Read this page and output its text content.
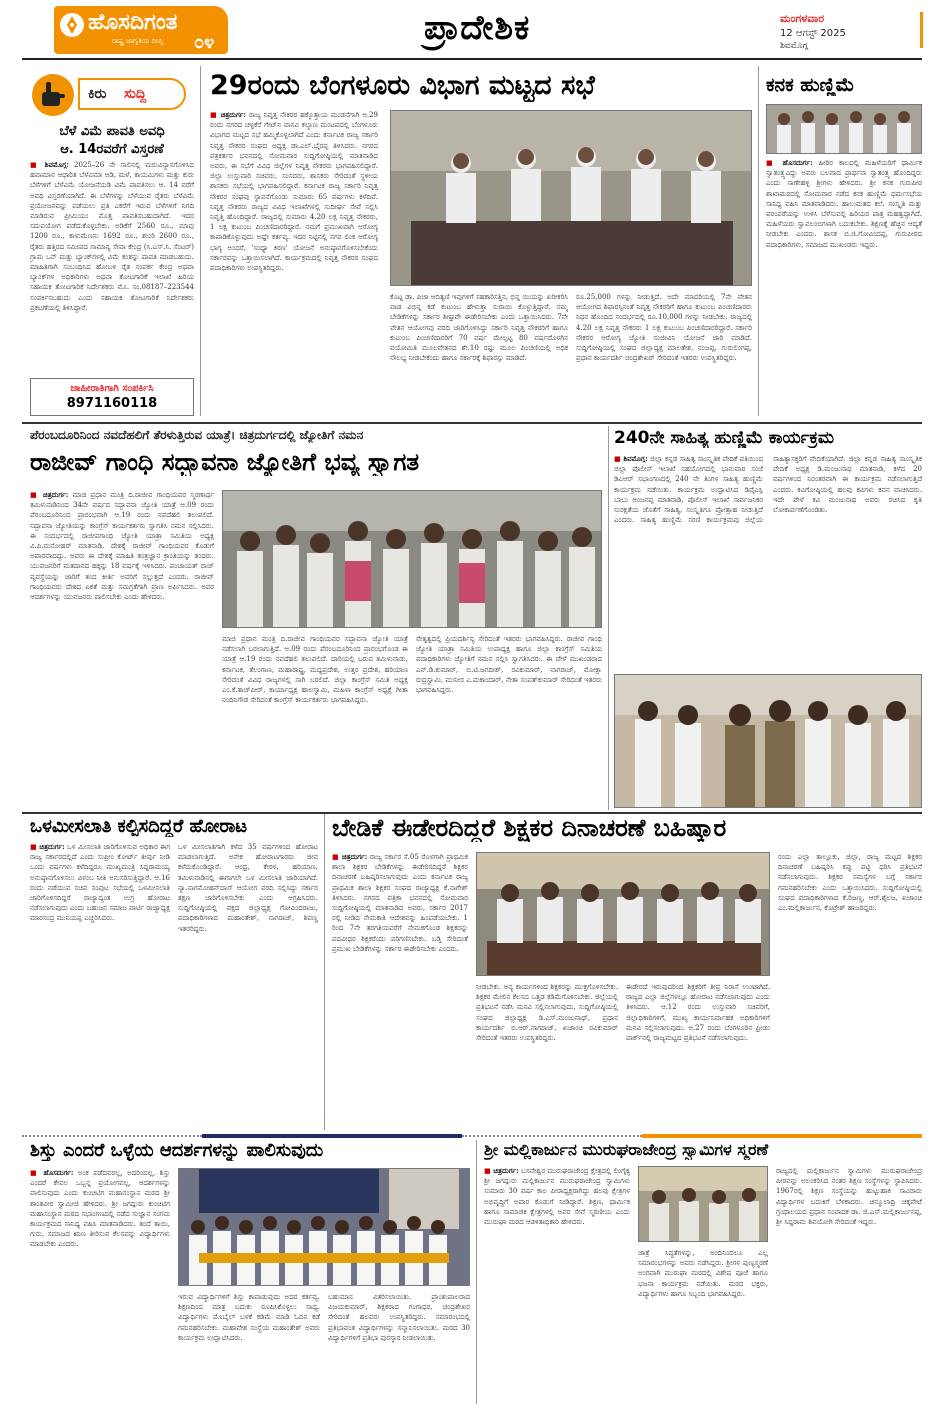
ಹೊಸದಿಗಂತ
ರಾಷ್ಟ್ರ ಜಾಗೃತಿಯ ದೀಪ್ತಿ ೦೪	ಪ್ರಾದೇಶಿಕ	ಮಂಗಳವಾರ
12 ಆಗಸ್ಟ್ 2025
ಶಿವಮೊಗ್ಗ
ಕಿರು ಸುದ್ದಿ
ಬೆಳೆ ವಿಮೆ ಪಾವತಿ ಅವಧಿ
ಆ. 14ರವರೆಗೆ ವಿಸ್ತರಣೆ
■ ಶಿವಮೊಗ್ಗ: 2025–26 ನೇ ಸಾಲಿನಲ್ಲಿ ಮರುವಿನ್ಯಾಸಗೊಳಿಸಿದ ಹವಾಮಾನ ಆಧಾರಿತ ಬೆಳೆವಿಮಾ ಅಡಿ, ಮಳೆ, ಕಾಯಮಿಗಳು ಮತ್ತು ಕುರು ಬೆಳೆಗಳಿಗೆ ಬೆಳೆವಿಮೆ ಯೋಜನೆಯಡಿ ವಿಮೆ ಪಾವತಿಸಲು ಆ. 14 ವರೆಗೆ ಅವಧಿ ವಿಸ್ತರಣೆಯಾಗಿದೆ. ಈ ಬೆಳೆಗಳನ್ನು ಬೆಳೆಯುವ ರೈತರು ಬೆಳೆವಿಮೆ ಪ್ರಯೋಜನವನ್ನು ಪಡೆಯಲು ಪ್ರತಿ ಎಕರೆಗೆ ಇರುವ ಬೆಳೆಗಳಿಗೆ ನಿಗದಿ ಮಾಡಿರುವ ಪ್ರೀಮಿಯಂ ಮೊತ್ತ ಪಾವತಿಸಬಹುದಾಗಿದೆ. ಇದರ ಸದುಪಯೋಗ ಪಡೆದುಕೊಳ್ಳಬೇಕು. ಅಡಿಕೆಗೆ 2560 ರೂ., ಮಾವು 1200 ರೂ., ಕಾಳುಮೆಣಸು 1692 ರೂ., ಶುಂಠಿ 2600 ರೂ., ರೈತರು ಹತ್ತಿರದ ಸಮೀಪದ ಸಾಮಾನ್ಯ ಸೇವಾ ಕೇಂದ್ರ (ಸಿ.ಎಸ್.ಸಿ. ಸೆಂಟರ್) ಗ್ರಾಮ ಒನ್ ಮತ್ತು ಬ್ಯಾಂಕ್‌ಗಳಲ್ಲಿ ವಿಮೆ ಕಂತನ್ನು ಪಾವತಿ ಮಾಡಬಹುದು. ಮಾಹಿತಿಗಾಗಿ ಸಂಬಂಧಿಸಿದ ಹೋಬಳಿ ರೈತ ಸಂಪರ್ಕ ಕೇಂದ್ರ ಅಥವಾ ಬ್ಯಾಂಕ್‌ಗಳ ಅಧಿಕಾರಿಗಳು ಅಥವಾ ತೋಟಗಾರಿಕೆ ಇಲಾಖೆ ಹಿರಿಯ ಸಹಾಯಕ ತೋಟಗಾರಿಕೆ ನಿರ್ದೇಶಕರು ಮೊ. ಸಂ.08187–223544 ಸಂಪರ್ಕಿಸಬಹುದು ಎಂದು ಸಹಾಯಕ ತೋಟಗಾರಿಕೆ ನಿರ್ದೇಶಕರು ಪ್ರಕಟಣೆಯಲ್ಲಿ ತಿಳಿಸಿದ್ದಾರೆ.
ಜಾಹೀರಾತಿಗಾಗಿ ಸಂಪರ್ಕಿಸಿ
8971160118
29ರಂದು ಬೆಂಗಳೂರು ವಿಭಾಗ ಮಟ್ಟದ ಸಭೆ
■ ಚಿತ್ರದುರ್ಗ: ರಾಜ್ಯ ನಿವೃತ್ತ ನೌಕರರ ಹಕ್ಕೊತ್ತಾಯ ಮಂಡನೆಗಾಗಿ ಆ.29 ರಂದು ನಗರದ ಚಳ್ಳಕೆರೆ ಗೇಟ್‌ನ ವಾಸವಿ ಕಲ್ಯಾಣ ಮಂಟಪದಲ್ಲಿ ಬೆಂಗಳೂರು ವಿಭಾಗದ ಮಟ್ಟದ ಸಭೆ ಹಮ್ಮಿಕೊಳ್ಳಲಾಗಿದೆ ಎಂದು ಕರ್ನಾಟಕ ರಾಜ್ಯ ಸರ್ಕಾರಿ ನಿವೃತ್ತ ನೌಕರರ ಸಂಘದ ಅಧ್ಯಕ್ಷ ಡಾ.ಎಲ್.ಭೈರಪ್ಪ ತಿಳಿಸಿದರು. ನಗರದ ಪತ್ರಕರ್ತರ ಭವನದಲ್ಲಿ ಸೋಮವಾರ ಸುದ್ದಿಗೋಷ್ಠಿಯಲ್ಲಿ ಮಾತನಾಡಿದ ಅವರು, ಈ ಸಭೆಗೆ ವಿವಿಧ ಜಿಲ್ಲೆಗಳ ನಿವೃತ್ತ ನೌಕರರು ಭಾಗವಹಿಸಲಿದ್ದಾರೆ. ಜಿಲ್ಲಾ ಉಸ್ತುವಾರಿ ಸಚಿವರು, ಸಂಸದರು, ಶಾಸಕರು ಸೇರಿದಂತೆ ಸ್ಥಳೀಯ ಶಾಸಕರು ಸಭೆಯಲ್ಲಿ ಭಾಗವಹಿಸಲಿದ್ದಾರೆ. ಕರ್ನಾಟಕ ರಾಜ್ಯ ಸರ್ಕಾರಿ ನಿವೃತ್ತ ನೌಕರರ ಸಂಘವು ಸ್ಥಾಪನೆಗೊಂಡು ಸುಮಾರು 65 ವರ್ಷಗಳು ಕಳೆದಿವೆ. ನಿವೃತ್ತ ನೌಕರರು ರಾಜ್ಯದ ವಿವಿಧ ಇಲಾಖೆಗಳಲ್ಲಿ ಸುದೀರ್ಘ ಸೇವೆ ಸಲ್ಲಿಸಿ ನಿವೃತ್ತಿ ಹೊಂದಿದ್ದಾರೆ. ರಾಜ್ಯದಲ್ಲಿ ಸುಮಾರು 4.20 ಲಕ್ಷ ನಿವೃತ್ತ ನೌಕರರು, 1 ಲಕ್ಷ ಕುಟುಂಬ ಪಿಂಚಣಿದಾರರಿದ್ದಾರೆ. ನಮಗೆ ಪ್ರಮುಖವಾಗಿ ಆರೋಗ್ಯ ಕಾಪಾಡಿಕೊಳ್ಳುವುದು ಅಷ್ಟೇ ಕರ್ತವ್ಯ. ಇದರ ನಿಟ್ಟಿನಲ್ಲಿ ನಗರ ಲಿಂಕ ಆರೋಗ್ಯ ಭಾಗ್ಯ ಅಂದರೆ, 'ಸಂಧ್ಯಾ ಕಿರಣ' ಯೋಜನೆ ಅನುಷ್ಠಾನಗೊಳಿಸಬೇಕೆಂದು ಸರ್ಕಾರವನ್ನು ಒತ್ತಾಯಿಸಲಾಗಿದೆ. ಕಾರ್ಯಕ್ರಮದಲ್ಲಿ ನಿವೃತ್ತ ನೌಕರರ ಸಂಘದ ಪದಾಧಿಕಾರಿಗಳು ಉಪಸ್ಥಿತರಿದ್ದರು.
ಕೊಟ್ಟ ಡಾ. ಪಿಜಾ ಆದಿತ್ಯಣಿ ಇವುಗಳಿಗೆ ಸಹಕಾರಿಸತ್ತಿನ, ಭಿನ್ನ ಯಿಯನ್ನು ಖರೀಕರಿಸಿ ವಾಡ ವಿಭಿನ್ನ ಕಡೆ ಕುಟುಂಬ ಹೇಳುತ್ತಾ ಸುರಾಯಿ ಕೊಳ್ಳುತ್ತಿದ್ದಾರೆ. ನಮ್ಮ ಬೇಡಿಕೆಗಳನ್ನು ಸರ್ಕಾರ ಶೀಘ್ರವೇ ಈಡೇರಿಸಬೇಕು ಎಂದು ಒತ್ತಾಯಿಸಿದರು. 7ನೇ ವೇತನ ಆಯೋಗವು ವರದಿ ಜಾರಿಗೊಳಿಸಿದ್ದು ಸರ್ಕಾರಿ ನಿವೃತ್ತ ನೌಕರರಿಗೆ ಹಾಗೂ ಕುಟುಂಬ ಪಿಂಚಣಿದಾರರಿಗೆ 70 ವರ್ಷ ಮೇಲ್ಪಟ್ಟ 80 ವರ್ಷದೊಳಗಿನ ವಯೋಮಿತಿ ಮೂಲವೇತನದ ಶೇ.10 ರಷ್ಟು ಮೂಲ ಪಿಂಚಣಿಯಲ್ಲಿ ಅಧಿಕ ಸೌಲಭ್ಯ ನೀಡಬೇಕೆಂದು ಹಾಗೂ ಸರ್ಕಾರಕ್ಕೆ ಶಿಫಾರಸ್ಸು ಮಾಡಿದೆ.
ರೂ.25,000 ಗಳನ್ನು ನೀಡುತ್ತಿದೆ. ಅದೇ ಮಾದರಿಯಲ್ಲಿ 7ನೇ ವೇತನ ಆಯೋಗದ ಶಿಫಾರಸ್ಸಿನಂತೆ ನಿವೃತ್ತ ನೌಕರರಿಗೆ ಹಾಗೂ ಕುಟುಂಬ ಪಿಂಚಣಿದಾರರು ನಿಧನ ಹೊಂದಿದ ಸಂದರ್ಭದಲ್ಲಿ ರೂ.10,000 ಗಳನ್ನು ನೀಡಬೇಕು. ರಾಜ್ಯದಲ್ಲಿ 4.20 ಲಕ್ಷ ನಿವೃತ್ತ ನೌಕರರು 1 ಲಕ್ಷ ಕುಟುಂಬ ಪಿಂಚಣಿದಾರರಿದ್ದಾರೆ. ಸರ್ಕಾರಿ ನೌಕರರ ಆರೋಗ್ಯ ಜ್ಯೋತಿ ಸಂಜೀವಿನಿ ಯೋಜನೆ ಜಾರಿ ಮಾಡಿದೆ. ಸುದ್ದಿಗೋಷ್ಠಿಯಲ್ಲಿ ಸಂಘದ ಜಿಲ್ಲಾಧ್ಯಕ್ಷ ಮಾಲತೇಶ, ನಂಜಪ್ಪ, ಗುರುಲಿಂಗಪ್ಪ, ಪ್ರಧಾನ ಕಾರ್ಯದರ್ಶಿ ಚಂದ್ರಶೇಖರ್ ಸೇರಿದಂತೆ ಇತರರು ಉಪಸ್ಥಿತರಿದ್ದರು.
ಕನಕ ಹುಣ್ಣಿಮೆ
■ ಹೊಸದುರ್ಗ: ಹೀರಿರ ಕಾಲದಲ್ಲಿ ಮಹಿಳೆಯರಿಗೆ ಧಾರ್ಮಿಕ ಸ್ವಾತಂತ್ರ್ಯವಿದ್ದು ಅವರು ಬಲವಾದ ಪ್ರಾರ್ಥನಾ ಸ್ವಾತಂತ್ರ್ಯ ಹೊಂದಿದ್ದರು ಎಂದು ಸಾಣೇಹಳ್ಳಿ ಶ್ರೀಗಳು ಹೇಳಿದರು. ಶ್ರೀ ಕನಕ ಗುರುಪೀಠ ಶಾಖಾಮಠದಲ್ಲಿ ಸೋಮವಾರ ನಡೆದ ಕನಕ ಹುಣ್ಣಿಮೆ ಧರ್ಮಸಭೆಯ ಸಾನಿಧ್ಯ ವಹಿಸಿ ಮಾತನಾಡಿದರು. ಹಾಲುಮತದ ಕಲೆ, ಸಂಸ್ಕೃತಿ ಮತ್ತು ಪರಂಪರೆಯನ್ನು ಉಳಿಸಿ ಬೆಳೆಸುವಲ್ಲಿ ಹಿರಿಯರ ಪಾತ್ರ ಮಹತ್ವದ್ದಾಗಿದೆ. ಮಹಿಳೆಯರು ಸ್ವಾವಲಂಬಿಗಳಾಗಿ ಬದುಕಬೇಕು. ಶಿಕ್ಷಣಕ್ಕೆ ಹೆಚ್ಚಿನ ಆದ್ಯತೆ ನೀಡಬೇಕು ಎಂದರು. ಶಾಸಕ ಬಿ.ಜಿ.ಗೋವಿಂದಪ್ಪ, ಗುರುಪೀಠದ ಪದಾಧಿಕಾರಿಗಳು, ಸಮಾಜದ ಮುಖಂಡರು ಇದ್ದರು.
ಪೆರಂಬದೂರಿನಿಂದ ನವದೆಹಲಿಗೆ ತೆರಳುತ್ತಿರುವ ಯಾತ್ರೆ। ಚಿತ್ರದುರ್ಗದಲ್ಲಿ ಜ್ಯೋತಿಗೆ ನಮನ
ರಾಜೀವ್ ಗಾಂಧಿ ಸದ್ಭಾವನಾ ಜ್ಯೋತಿಗೆ ಭವ್ಯ ಸ್ವಾಗತ
■ ಚಿತ್ರದುರ್ಗ: ಮಾಜಿ ಪ್ರಧಾನ ಮಂತ್ರಿ ದಿ.ರಾಜೀವ ಗಾಂಧಿಯವರ ಸ್ಮರಣಾರ್ಥ ತಮಿಳುನಾಡಿನಿಂದ 34ನೇ ವರ್ಷದ ಸದ್ಭಾವನಾ ಜ್ಯೋತಿ ಯಾತ್ರೆ ಆ.09 ರಂದು ಪೆರಂಬದೂರಿನಿಂದ ಪ್ರಾರಂಭವಾಗಿ ಆ.19 ರಂದು ನವದೆಹಲಿ ತಲುಪಲಿದೆ. ಸದ್ಭಾವನಾ ಜ್ಯೋತಿಯನ್ನು ಕಾಂಗ್ರೆಸ್ ಕಾರ್ಯಕರ್ತರು ಸ್ವಾಗತಿಸಿ ನಮನ ಸಲ್ಲಿಸಿದರು. ಈ ಸಂದರ್ಭದಲ್ಲಿ ರಾಜೀವಗಾಂಧಿ ಜ್ಯೋತಿ ಯಾತ್ರಾ ಸಮಿತಿಯ ಅಧ್ಯಕ್ಷ ವಿ.ಪಿ.ಮನೋಹರ್ ಮಾತನಾಡಿ, ದೇಶಕ್ಕೆ ರಾಜೀವ್ ಗಾಂಧಿಯವರ ಕೊಡುಗೆ ಅಪಾರವಾದದ್ದು. ಅವರು ಈ ದೇಶಕ್ಕೆ ಮಾಹಿತಿ ತಂತ್ರಜ್ಞಾನ ಕ್ರಾಂತಿಯನ್ನು ತಂದರು. ಯುವಜನರಿಗೆ ಮತದಾನದ ಹಕ್ಕನ್ನು 18 ವರ್ಷಕ್ಕೆ ಇಳಿಸಿದರು. ಪಂಚಾಯತ್ ರಾಜ್ ವ್ಯವಸ್ಥೆಯನ್ನು ಜಾರಿಗೆ ತಂದ ಕೀರ್ತಿ ಅವರಿಗೆ ಸಲ್ಲುತ್ತದೆ ಎಂದರು. ರಾಜೀವ್ ಗಾಂಧಿಯವರು ದೇಶದ ಏಕತೆ ಮತ್ತು ಸಮಗ್ರತೆಗಾಗಿ ಪ್ರಾಣ ಅರ್ಪಿಸಿದರು. ಅವರ ಆದರ್ಶಗಳನ್ನು ಯುವಜನರು ಪಾಲಿಸಬೇಕು ಎಂದು ಹೇಳಿದರು.
ಮಾಜಿ ಪ್ರಧಾನ ಮಂತ್ರಿ ದಿ.ರಾಜೀವ ಗಾಂಧಿಯವರ ಸದ್ಭಾವನಾ ಜ್ಯೋತಿ ಯಾತ್ರೆ ನಡೆಸಲಾಗಿ ಬರಲಾಗುತ್ತಿದೆ. ಆ.09 ರಂದು ಪೆರಂಬದೂರಿನಿಂದ ಪ್ರಾರಂಭಗೊಂಡ ಈ ಯಾತ್ರೆ ಆ.19 ರಂದು ನವದೆಹಲಿ ತಲುಪಲಿದೆ. ದಾರಿಯಲ್ಲಿ ಬರುವ ತಮಿಳುನಾಡು, ಕರ್ನಾಟಕ, ತೆಲಂಗಾಣ, ಮಹಾರಾಷ್ಟ್ರ, ಮಧ್ಯಪ್ರದೇಶ, ಉತ್ತರ ಪ್ರದೇಶ, ಹರಿಯಾಣ ಸೇರಿದಂತೆ ವಿವಿಧ ರಾಜ್ಯಗಳಲ್ಲಿ ಸಾಗಿ ಬರಲಿದೆ. ಜಿಲ್ಲಾ ಕಾಂಗ್ರೆಸ್ ಸಮಿತಿ ಅಧ್ಯಕ್ಷ ಎಂ.ಕೆ.ತಾಜ್‌ಪೀರ್, ಕಾರ್ಯಾಧ್ಯಕ್ಷ ಹಾಲಸ್ವಾಮಿ, ಮಹಿಳಾ ಕಾಂಗ್ರೆಸ್ ಅಧ್ಯಕ್ಷೆ ಗೀತಾ ನಂದಿನಿಗೌಡ ಸೇರಿದಂತೆ ಕಾಂಗ್ರೆಸ್ ಕಾರ್ಯಕರ್ತರು ಭಾಗವಹಿಸಿದ್ದರು.
ನೇತೃತ್ವದಲ್ಲಿ ಪ್ರಿಯದರ್ಶಿನ್ಯ ಸೇರಿದಂತೆ ಇತರರು ಭಾಗವಹಿಸಿದ್ದರು. ರಾಜೀವ ಗಾಂಧಿ ಜ್ಯೋತಿ ಯಾತ್ರಾ ಸಮಿತಿಯ ಉಪಾಧ್ಯಕ್ಷ ಹಾಗೂ ಜಿಲ್ಲಾ ಕಾಂಗ್ರೆಸ್ ಸಮಿತಿಯ ಪದಾಧಿಕಾರಿಗಳು ಜ್ಯೋತಿಗೆ ನಮನ ಸಲ್ಲಿಸಿ ಸ್ವಾಗತಿಸಿದರು. ಈ ವೇಳೆ ಮುಖಂಡರಾದ ಎನ್.ಡಿ.ಕುಮಾರ್, ಬಿ.ಟಿ.ಜಗದೀಶ್, ರವಿಕುಮಾರ್, ನಾಗರಾಜ್, ಮೋಕ್ಷಾ ರುದ್ರಸ್ವಾಮಿ, ಮುನೀರ ಎ.ಮಕಾಂದಾರ್, ನೇತಾ ಸಂಪತ್‌ಕುಮಾರ್ ಸೇರಿದಂತೆ ಇತರರು ಭಾಗವಹಿಸಿದ್ದರು.
240ನೇ ಸಾಹಿತ್ಯ ಹುಣ್ಣಿಮೆ ಕಾರ್ಯಕ್ರಮ
■ ಶಿವಮೊಗ್ಗ: ಜಿಲ್ಲಾ ಕನ್ನಡ ಸಾಹಿತ್ಯ ಸಾಂಸ್ಕೃತಿಕ ವೇದಿಕೆ ವತಿಯಿಂದ ಜಿಲ್ಲಾ ಪೊಲೀಸ್ ಇಲಾಖೆ ಸಹಯೋಗದಲ್ಲಿ ಭಾನುವಾರ ಸಂಜೆ ಡಿಎಆರ್ ಸಭಾಂಗಣದಲ್ಲಿ 240 ನೇ ತಿಂಗಳ ಸಾಹಿತ್ಯ ಹುಣ್ಣಿಮೆ ಕಾರ್ಯಕ್ರಮ ನಡೆಯಿತು. ಕಾರ್ಯಕ್ರಮ ಉದ್ಘಾಟಿಸಿದ ಡಿವೈಎಸ್ಪಿ ಬಾಬು ಆಂಜನಪ್ಪ ಮಾತನಾಡಿ, ಪೊಲೀಸ್ ಇಲಾಖೆ ಸಾರ್ವಜನಿಕರ ಸುರಕ್ಷತೆಯ ಜೊತೆಗೆ ಸಾಹಿತ್ಯ, ಸಂಸ್ಕೃತಿಗೂ ಪ್ರೋತ್ಸಾಹ ನೀಡುತ್ತಿದೆ ಎಂದರು. ಸಾಹಿತ್ಯ ಹುಣ್ಣಿಮೆ ಸರಣಿ ಕಾರ್ಯಕ್ರಮವು ಜಿಲ್ಲೆಯ ಸಾಹಿತ್ಯಾಸಕ್ತರಿಗೆ ವೇದಿಕೆಯಾಗಿದೆ. ಜಿಲ್ಲಾ ಕನ್ನಡ ಸಾಹಿತ್ಯ ಸಾಂಸ್ಕೃತಿಕ ವೇದಿಕೆ ಅಧ್ಯಕ್ಷ ಡಿ.ಮಂಜುನಾಥ ಮಾತನಾಡಿ, ಕಳೆದ 20 ವರ್ಷಗಳಿಂದ ನಿರಂತರವಾಗಿ ಈ ಕಾರ್ಯಕ್ರಮ ನಡೆಸಲಾಗುತ್ತಿದೆ ಎಂದರು. ಕವಿಗೋಷ್ಠಿಯಲ್ಲಿ ಹಲವು ಕವಿಗಳು ಕವನ ವಾಚಿಸಿದರು. ಇದೇ ವೇಳೆ ಕವಿ ಮಂಜುನಾಥ ಅವರು ರಚಿಸಿದ ಕೃತಿ ಲೋಕಾರ್ಪಣೆಗೊಂಡಿತು.
ಒಳಮೀಸಲಾತಿ ಕಲ್ಪಿಸದಿದ್ದರೆ ಹೋರಾಟ
■ ಚಿತ್ರದುರ್ಗ: ಒಳ ಮೀಸಲಾತಿ ಜಾರಿಗೊಳಿಸುವ ಅಧಿಕಾರ ಈಗ ರಾಜ್ಯ ಸರ್ಕಾರದಲ್ಲಿದೆ ಎಂದು ಸುಪ್ರೀಂ ಕೋರ್ಟ್ ತೀರ್ಪು ನೀಡಿ ಒಂದು ವರ್ಷಗಳು ಕಳೆದಿದ್ದರೂ ಮುಖ್ಯಮಂತ್ರಿ ಸಿದ್ದರಾಮಯ್ಯ ಅನುಷ್ಠಾನಗೊಳಿಸಲು ವಿಳಂಬ ನೀತಿ ಅನುಸರಿಸುತ್ತಿದ್ದಾರೆ. ಆ.16 ರಂದು ನಡೆಯುವ ಸಚಿವ ಸಂಪುಟ ಸಭೆಯಲ್ಲಿ ಒಳಮೀಸಲಾತಿ ಜಾರಿಗೊಳಿಸದಿದ್ದರೆ ರಾಜ್ಯಾದ್ಯಂತ ಉಗ್ರ ಹೋರಾಟ ನಡೆಸಲಾಗುವುದು ಎಂದು ಬಹುಜನ ಸಮಾಜ ಪಾರ್ಟಿ ರಾಜ್ಯಾಧ್ಯಕ್ಷ ಮಾರಸಂದ್ರ ಮುನಿಯಪ್ಪ ಎಚ್ಚರಿಸಿದರು.
ಒಳ ಮೀಸಲಾತಿಗಾಗಿ ಕಳೆದ 35 ವರ್ಷಗಳಿಂದ ಹೋರಾಟ ಮಾಡಲಾಗುತ್ತಿದೆ. ಅನೇಕ ಹೋರಾಟಗಾರರು ಜೀವ ಕಳೆದುಕೊಂಡಿದ್ದಾರೆ. ಆಂಧ್ರ, ಕೇರಳ, ಹರಿಯಾಣ, ತಮಿಳುನಾಡಿನಲ್ಲಿ ಈಗಾಗಲೇ ಒಳ ಮೀಸಲಾತಿ ಜಾರಿಯಾಗಿದೆ. ನ್ಯಾ.ನಾಗಮೋಹನ್‌ದಾಸ್ ಆಯೋಗ ವರದಿ ಸಲ್ಲಿಸಿದ್ದು ಸರ್ಕಾರ ತಕ್ಷಣ ಜಾರಿಗೊಳಿಸಬೇಕು ಎಂದು ಆಗ್ರಹಿಸಿದರು. ಸುದ್ದಿಗೋಷ್ಠಿಯಲ್ಲಿ ಪಕ್ಷದ ಜಿಲ್ಲಾಧ್ಯಕ್ಷ ಗೋವಿಂದರಾಜು, ಪದಾಧಿಕಾರಿಗಳಾದ ಮಹಾಂತೇಶ್, ನಾಗರಾಜ್, ಶಿವಣ್ಣ ಇತರರಿದ್ದರು.
ಬೇಡಿಕೆ ಈಡೇರದಿದ್ದರೆ ಶಿಕ್ಷಕರ ದಿನಾಚರಣೆ ಬಹಿಷ್ಕಾರ
■ ಚಿತ್ರದುರ್ಗ: ರಾಜ್ಯ ಸರ್ಕಾರ ಸೆ.05 ರೊಳಗಾಗಿ ಪ್ರಾಥಮಿಕ ಶಾಲಾ ಶಿಕ್ಷಕರ ಬೇಡಿಕೆಗಳನ್ನು ಈಡೇರಿಸದಿದ್ದರೆ ಶಿಕ್ಷಕರ ದಿನಾಚರಣೆ ಬಹಿಷ್ಕರಿಸಲಾಗುವುದು ಎಂದು ಕರ್ನಾಟಕ ರಾಜ್ಯ ಪ್ರಾಥಮಿಕ ಶಾಲಾ ಶಿಕ್ಷಕರ ಸಂಘದ ರಾಜ್ಯಾಧ್ಯಕ್ಷ ಕೆ.ನಾಗೇಶ್ ತಿಳಿಸಿದರು. ನಗರದ ಪತ್ರಿಕಾ ಭವನದಲ್ಲಿ ಸೋಮವಾರ ಸುದ್ದಿಗೋಷ್ಠಿಯಲ್ಲಿ ಮಾತನಾಡಿದ ಅವರು, ಸರ್ಕಾರ 2017 ರಲ್ಲಿ ನೀಡಿದ ನೇಮಕಾತಿ ಆದೇಶವನ್ನು ಹಿಂಪಡೆಯಬೇಕು. 1 ರಿಂದ 7ನೇ ತರಗತಿಯವರೆಗೆ ನೇಮಕಗೊಂಡ ಶಿಕ್ಷಕರನ್ನು ಪದವೀಧರ ಶಿಕ್ಷಕರೆಂದು ಪರಿಗಣಿಸಬೇಕು. ಬಡ್ತಿ ಸೇರಿದಂತೆ ಪ್ರಮುಖ ಬೇಡಿಕೆಗಳನ್ನು ಸರ್ಕಾರ ಈಡೇರಿಸಬೇಕು ಎಂದರು.
ನೀಡಬೇಕು. ಅನ್ಯ ಕಾರ್ಯಗಳಿಂದ ಶಿಕ್ಷಕರನ್ನು ಮುಕ್ತಗೊಳಿಸಬೇಕು. ಶಿಕ್ಷಕರ ಮೇಲಿನ ಕೆಲಸದ ಒತ್ತಡ ಕಡಿಮೆಗೊಳಿಸಬೇಕು. ಜಿಲ್ಲೆಯಲ್ಲಿ ಪ್ರತಿಭಟನೆ ನಡೆಸಿ ಮನವಿ ಸಲ್ಲಿಸಲಾಗುವುದು. ಸುದ್ದಿಗೋಷ್ಠಿಯಲ್ಲಿ ಸಂಘದ ಜಿಲ್ಲಾಧ್ಯಕ್ಷ ಡಿ.ಎಸ್.ಮಂಜುನಾಥ್, ಪ್ರಧಾನ ಕಾರ್ಯದರ್ಶಿ ಬಿ.ಆರ್.ನಾಗರಾಜ್, ಖಜಾಂಚಿ ರವಿಕುಮಾರ್ ಸೇರಿದಂತೆ ಇತರರು ಉಪಸ್ಥಿತರಿದ್ದರು.
ಈಡೇರದೆ ಇರುವುದರಿಂದ ಶಿಕ್ಷಕರಿಗೆ ತೀವ್ರ ನಿರಾಸೆ ಉಂಟಾಗಿದೆ. ರಾಜ್ಯದ ಎಲ್ಲಾ ಜಿಲ್ಲೆಗಳಲ್ಲೂ ಹೋರಾಟ ನಡೆಸಲಾಗುವುದು ಎಂದು ತಿಳಿಸಿದರು. ಆ.12 ರಂದು ಉಸ್ತುವಾರಿ ಸಚಿವರಿಗೆ, ಜಿಲ್ಲಾಧಿಕಾರಿಗಳಿಗೆ, ಮುಖ್ಯ ಕಾರ್ಯನಿರ್ವಾಹಕ ಅಧಿಕಾರಿಗಳಿಗೆ ಮನವಿ ಸಲ್ಲಿಸಲಾಗುವುದು. ಆ.27 ರಂದು ಬೆಂಗಳೂರಿನ ಫ್ರೀಡಂ ಪಾರ್ಕ್‌ನಲ್ಲಿ ರಾಜ್ಯಮಟ್ಟದ ಪ್ರತಿಭಟನೆ ನಡೆಸಲಾಗುವುದು.
ರಂದು ಎಲ್ಲಾ ತಾಲ್ಲೂಕು, ಜಿಲ್ಲಾ, ರಾಜ್ಯ ಮಟ್ಟದ ಶಿಕ್ಷಕರ ದಿನಾಚರಣೆ ಬಹಿಷ್ಕರಿಸಿ ಕಪ್ಪು ಪಟ್ಟಿ ಧರಿಸಿ ಪ್ರತಿಭಟನೆ ನಡೆಸಲಾಗುವುದು. ಶಿಕ್ಷಕರ ಸಮಸ್ಯೆಗಳ ಬಗ್ಗೆ ಸರ್ಕಾರ ಗಮನಹರಿಸಬೇಕು ಎಂದು ಒತ್ತಾಯಿಸಿದರು. ಸುದ್ದಿಗೋಷ್ಠಿಯಲ್ಲಿ ಸಂಘದ ಪದಾಧಿಕಾರಿಗಳಾದ ಕೆ.ರಿಜಣ್ಣ, ಆರ್.ಶೈಲಜ, ಖಜಾಂಚಿ ಎಂ.ಮಲ್ಲಿಕಾರ್ಜುನ, ಕೊಟ್ರೇಶ್ ಹಾಜರಿದ್ದರು.
ಶಿಸ್ತು ಎಂದರೆ ಒಳ್ಳೆಯ ಆದರ್ಶಗಳನ್ನು ಪಾಲಿಸುವುದು
■ ಹೊಸದುರ್ಗ: ಅಂಕ ಪಡೆದವರಲ್ಲ, ಅದರಿಂದಲ್ಲ, ಶಿಸ್ತು ಎಂದರೆ ಕೇವಲ ಒಬ್ಬನ್ನ ಪ್ರಯೋಗವಲ್ಲ, ಆದರ್ಶಗಳನ್ನು ಪಾಲಿಸುವುದು ಎಂದು ಕುಂಚಿಟಿಗ ಮಹಾಸಂಸ್ಥಾನ ಮಠದ ಶ್ರೀ ಶಾಂತವೀರ ಸ್ವಾಮೀಜಿ ಹೇಳಿದರು. ಶ್ರೀ ಜಗದ್ಗುರು ಕುಂಚಿಟಿಗ ಮಹಾಸಂಸ್ಥಾನ ಮಠದ ಸಭಾಂಗಣದಲ್ಲಿ ನಡೆದ ಸುಜ್ಞಾನ ಸಂಗಮ ಕಾರ್ಯಕ್ರಮದ ಸಾನಿಧ್ಯ ವಹಿಸಿ ಮಾತನಾಡಿದರು. ತಂದೆ ತಾಯಿ, ಗುರು, ಸಮಾಜದ ಋಣ ತೀರಿಸುವ ಕೆಲಸವನ್ನು ವಿದ್ಯಾರ್ಥಿಗಳು ಮಾಡಬೇಕು ಎಂದರು.
ಇರುವ ವಿದ್ಯಾರ್ಥಿಗಳಿಗೆ ಶಿಸ್ತು ಕಾಪಾಡುವುದು ಅದರ ಕರ್ತವ್ಯ. ಶಿಕ್ಷಣದಿಂದ ಮಾತ್ರ ಬದುಕು ರೂಪಿಸಿಕೊಳ್ಳಲು ಸಾಧ್ಯ. ವಿದ್ಯಾರ್ಥಿಗಳು ಮೊಬೈಲ್ ಬಳಕೆ ಕಡಿಮೆ ಮಾಡಿ ಓದಿನ ಕಡೆ ಗಮನಹರಿಸಬೇಕು. ಮಹಾವೇಶ ಸಂಸ್ಥೆಯ ಮಹಾಂತೇಶ್ ಅವರು ಕಾರ್ಯಕ್ರಮ ಉದ್ಘಾಟಿಸಿದರು.
ಬಹುಮಾನ ವಿತರಿಸಲಾಯಿತು. ಪ್ರಾಂಶುಪಾಲರಾದ ವಿಜಯಕುಮಾರ್, ಶಿಕ್ಷಕರಾದ ಗಂಗಾಧರ, ಚಂದ್ರಶೇಖರ ಸೇರಿದಂತೆ ಹಲವರು ಉಪಸ್ಥಿತರಿದ್ದರು. ಸಮಾರಂಭದಲ್ಲಿ ಪ್ರತಿಭಾವಂತ ವಿದ್ಯಾರ್ಥಿಗಳನ್ನು ಸನ್ಮಾನಿಸಲಾಯಿತು. ಮಠದ 30 ವಿದ್ಯಾರ್ಥಿಗಳಿಗೆ ಪ್ರತಿಭಾ ಪುರಸ್ಕಾರ ನೀಡಲಾಯಿತು.
ಶ್ರೀ ಮಲ್ಲಿಕಾರ್ಜುನ ಮುರುಘರಾಜೇಂದ್ರ ಸ್ವಾಮಿಗಳ ಸ್ಮರಣೆ
■ ಚಿತ್ರದುರ್ಗ: ಬಸವೇಶ್ವರ ಮುರುಘರಾಜೇಂದ್ರ ಕ್ಷೇತ್ರದಲ್ಲಿ ಲಿಂಗೈಕ್ಯ ಶ್ರೀ ಜಗದ್ಗುರು ಮಲ್ಲಿಕಾರ್ಜುನ ಮುರುಘರಾಜೇಂದ್ರ ಸ್ವಾಮಿಗಳು ಸುಮಾರು 30 ವರ್ಷ ಕಾಲ ಪೀಠಾಧ್ಯಕ್ಷರಾಗಿದ್ದು ಹಲವು ಕ್ಷೇತ್ರಗಳ ಅಭಿವೃದ್ಧಿಗೆ ಅಪಾರ ಕೊಡುಗೆ ನೀಡಿದ್ದಾರೆ. ಶಿಕ್ಷಣ, ಧಾರ್ಮಿಕ ಹಾಗೂ ಸಾಮಾಜಿಕ ಕ್ಷೇತ್ರಗಳಲ್ಲಿ ಅವರ ಸೇವೆ ಸ್ಮರಣೀಯ ಎಂದು ಮುರುಘಾ ಮಠದ ಆಡಳಿತಾಧಿಕಾರಿ ಹೇಳಿದರು.
ಜಾತ್ರೆ ಸಿದ್ಧತೆಗಳನ್ನು, ಅಂದಿನಿಂದಲೂ ಎಲ್ಲ ಸಮಾರಂಭಗಳನ್ನು ಅವರು ನಡೆಸಿದ್ದರು. ಶ್ರೀಗಳ ಪುಣ್ಯಸ್ಮರಣೆ ಅಂಗವಾಗಿ ಮುರುಘಾ ಮಠದಲ್ಲಿ ವಿಶೇಷ ಪೂಜೆ ಹಾಗೂ ಭಜನಾ ಕಾರ್ಯಕ್ರಮ ನಡೆಯಿತು. ಮಠದ ಭಕ್ತರು, ವಿದ್ಯಾರ್ಥಿಗಳು ಹಾಗೂ ಸಿಬ್ಬಂದಿ ಭಾಗವಹಿಸಿದ್ದರು.
ರಾಜ್ಯದಲ್ಲಿ ಮಲ್ಲಿಕಾರ್ಜುನ ಸ್ವಾಮಿಗಳು ಮುರುಘರಾಜೇಂದ್ರ ಪೀಠವನ್ನು ಅಲಂಕರಿಸಿದ ನಂತರ ಶಿಕ್ಷಣ ಸಂಸ್ಥೆಗಳನ್ನು ಸ್ಥಾಪಿಸಿದರು. 1967ರಲ್ಲಿ ಶಿಕ್ಷಣ ಸಂಸ್ಥೆಯನ್ನು ಹುಟ್ಟುಹಾಕಿ ಸಾವಿರಾರು ವಿದ್ಯಾರ್ಥಿಗಳ ಬದುಕಿಗೆ ಬೆಳಕಾದರು. ಚಿನ್ಮೂಲಾದ್ರಿ ಚಿಕ್ಕಪೇಟೆ ಗ್ರಂಥಾಲಯದ ಪ್ರಧಾನ ಸಂಪಾದಕ ಡಾ. ಜಿ.ಎನ್.ಮಲ್ಲಿಕಾರ್ಜುನಪ್ಪ, ಶ್ರೀ ಸಿದ್ದರಾಮ ಶಿವಯೋಗಿ ಸೇರಿದಂತೆ ಇದ್ದರು.
